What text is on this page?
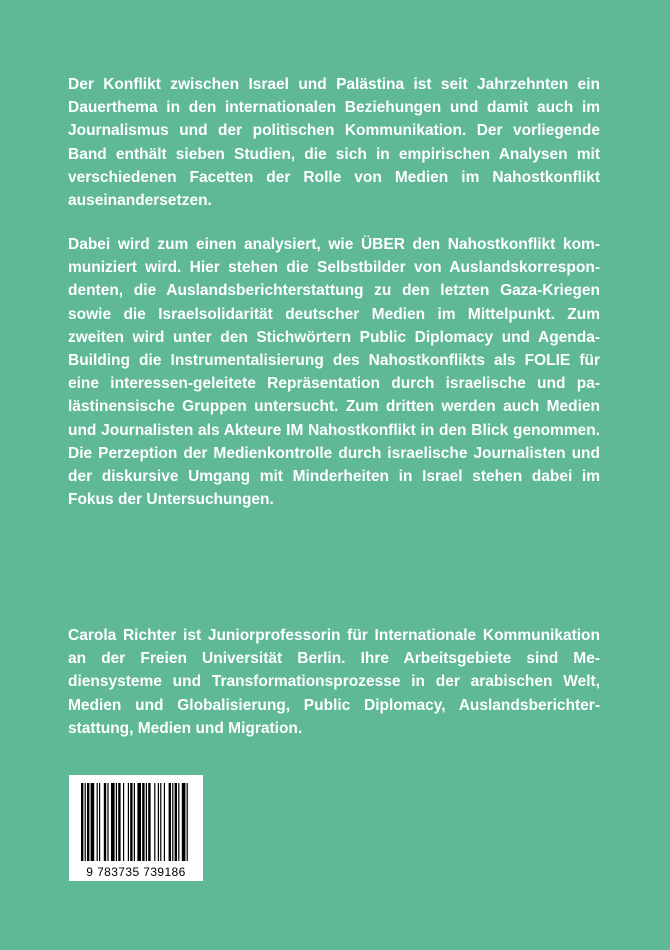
Der Konflikt zwischen Israel und Palästina ist seit Jahrzehnten ein Dauerthema in den internationalen Beziehungen und damit auch im Journalismus und der politischen Kommunikation. Der vorliegende Band enthält sieben Studien, die sich in empirischen Analysen mit verschiedenen Facetten der Rolle von Medien im Nahostkonflikt auseinandersetzen.

Dabei wird zum einen analysiert, wie ÜBER den Nahostkonflikt kommuniziert wird. Hier stehen die Selbstbilder von Auslandskorrespondenten, die Auslandsberichterstattung zu den letzten Gaza-Kriegen sowie die Israelsolidarität deutscher Medien im Mittelpunkt. Zum zweiten wird unter den Stichwörtern Public Diplomacy und Agenda-Building die Instrumentalisierung des Nahostkonflikts als FOLIE für eine interessen-geleitete Repräsentation durch israelische und palästinensische Gruppen untersucht. Zum dritten werden auch Medien und Journalisten als Akteure IM Nahostkonflikt in den Blick genommen. Die Perzeption der Medienkontrolle durch israelische Journalisten und der diskursive Umgang mit Minderheiten in Israel stehen dabei im Fokus der Untersuchungen.

Carola Richter ist Juniorprofessorin für Internationale Kommunikation an der Freien Universität Berlin. Ihre Arbeitsgebiete sind Mediensysteme und Transformationsprozesse in der arabischen Welt, Medien und Globalisierung, Public Diplomacy, Auslandsberichterstattung, Medien und Migration.

9 783735 739186
